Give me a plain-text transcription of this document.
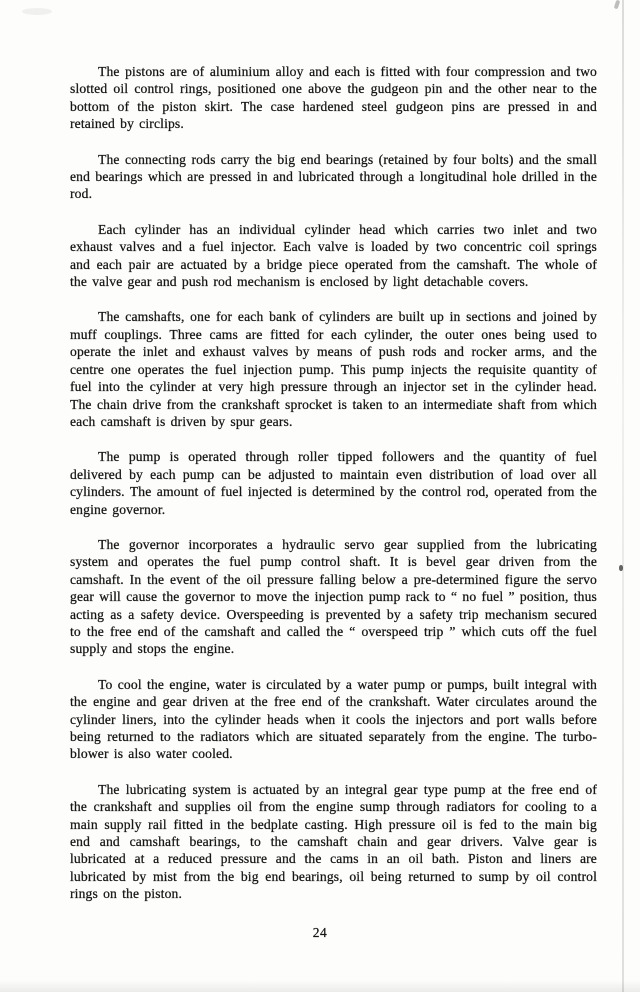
The pistons are of aluminium alloy and each is fitted with four compression and two slotted oil control rings, positioned one above the gudgeon pin and the other near to the bottom of the piston skirt. The case hardened steel gudgeon pins are pressed in and retained by circlips.

The connecting rods carry the big end bearings (retained by four bolts) and the small end bearings which are pressed in and lubricated through a longitudinal hole drilled in the rod.

Each cylinder has an individual cylinder head which carries two inlet and two exhaust valves and a fuel injector. Each valve is loaded by two concentric coil springs and each pair are actuated by a bridge piece operated from the camshaft. The whole of the valve gear and push rod mechanism is enclosed by light detachable covers.

The camshafts, one for each bank of cylinders are built up in sections and joined by muff couplings. Three cams are fitted for each cylinder, the outer ones being used to operate the inlet and exhaust valves by means of push rods and rocker arms, and the centre one operates the fuel injection pump. This pump injects the requisite quantity of fuel into the cylinder at very high pressure through an injector set in the cylinder head. The chain drive from the crankshaft sprocket is taken to an intermediate shaft from which each camshaft is driven by spur gears.

The pump is operated through roller tipped followers and the quantity of fuel delivered by each pump can be adjusted to maintain even distribution of load over all cylinders. The amount of fuel injected is determined by the control rod, operated from the engine governor.

The governor incorporates a hydraulic servo gear supplied from the lubricating system and operates the fuel pump control shaft. It is bevel gear driven from the camshaft. In the event of the oil pressure falling below a pre-determined figure the servo gear will cause the governor to move the injection pump rack to “ no fuel ” position, thus acting as a safety device. Overspeeding is prevented by a safety trip mechanism secured to the free end of the camshaft and called the “ overspeed trip ” which cuts off the fuel supply and stops the engine.

To cool the engine, water is circulated by a water pump or pumps, built integral with the engine and gear driven at the free end of the crankshaft. Water circulates around the cylinder liners, into the cylinder heads when it cools the injectors and port walls before being returned to the radiators which are situated separately from the engine. The turbo-blower is also water cooled.

The lubricating system is actuated by an integral gear type pump at the free end of the crankshaft and supplies oil from the engine sump through radiators for cooling to a main supply rail fitted in the bedplate casting. High pressure oil is fed to the main big end and camshaft bearings, to the camshaft chain and gear drivers. Valve gear is lubricated at a reduced pressure and the cams in an oil bath. Piston and liners are lubricated by mist from the big end bearings, oil being returned to sump by oil control rings on the piston.

24
